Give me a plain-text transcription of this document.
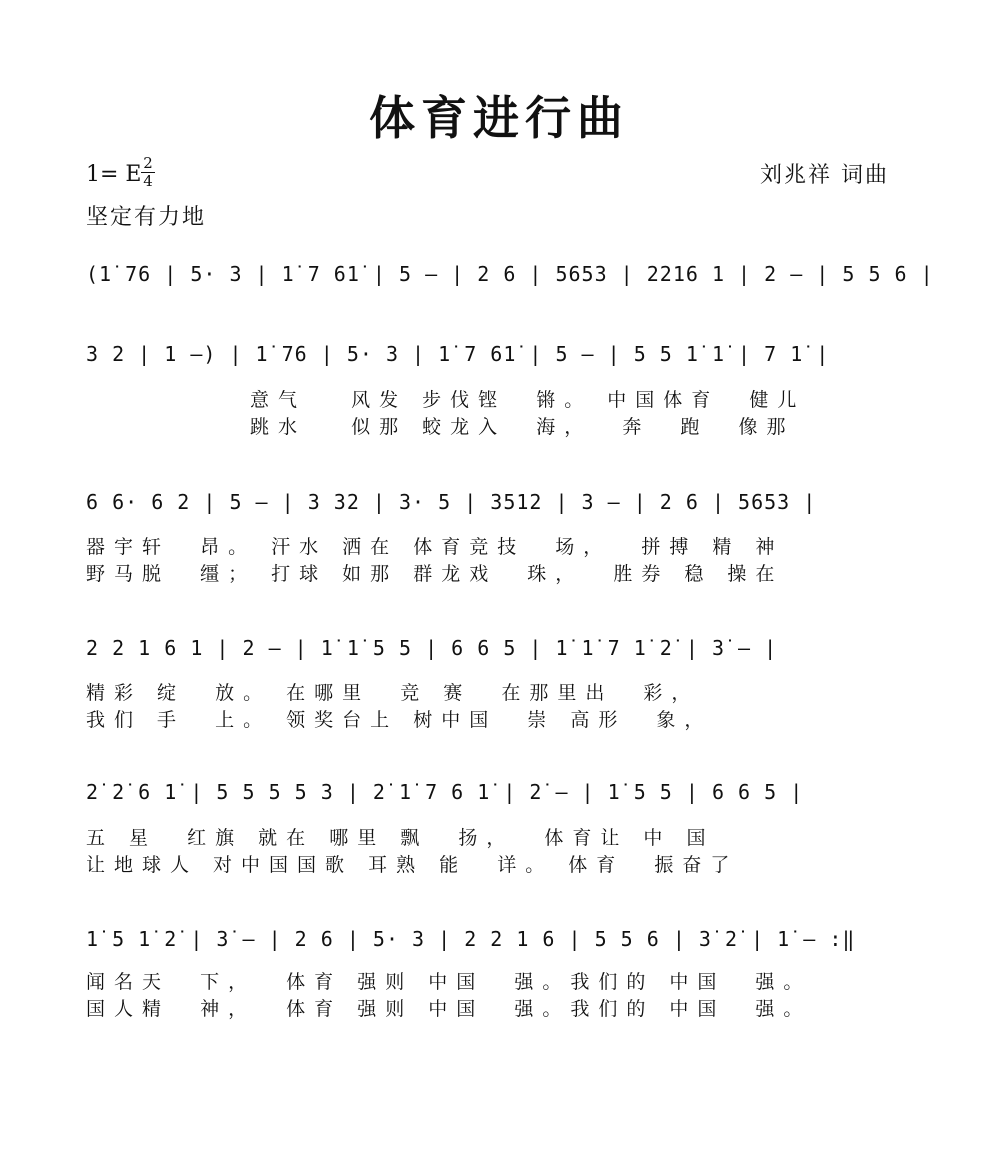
体育进行曲
1= E 2
4
坚定有力地
刘兆祥 词曲
(1̇ 76 | 5· 3 | 1̇ 7 61̇ | 5 – | 2 6 | 5653 | 2216 1 | 2 – | 5 5 6 |
3 2 | 1 –) | 1̇ 76 | 5· 3 | 1̇ 7 61̇ | 5 – | 5 5 1̇ 1̇ | 7 1̇ |
意气   风发 步伐铿  锵。 中国体育  健儿
跳水   似那 蛟龙入  海，  奔  跑  像那
6 6· 6 2 | 5 – | 3 32 | 3· 5 | 3512 | 3 – | 2 6 | 5653 |
器宇轩  昂。 汗水 洒在 体育竞技  场，  拼搏 精 神
野马脱  缰； 打球 如那 群龙戏  珠，  胜券 稳 操在
2 2 1 6 1 | 2 – | 1̇ 1̇ 5 5 | 6 6 5 | 1̇ 1̇ 7 1̇ 2̇ | 3̇ – |
精彩 绽  放。 在哪里  竞 赛  在那里出  彩，
我们 手  上。 领奖台上 树中国  崇 高形  象，
2̇ 2̇ 6 1̇ | 5 5 5 5 3 | 2̇ 1̇ 7 6 1̇ | 2̇ – | 1̇ 5 5 | 6 6 5 |
五 星  红旗 就在 哪里 飘  扬，  体育让 中 国
让地球人 对中国国歌 耳熟 能  详。 体育  振奋了
1̇ 5 1̇ 2̇ | 3̇ – | 2 6 | 5· 3 | 2 2 1 6 | 5 5 6 | 3̇ 2̇ | 1̇ – :‖
闻名天  下，  体育 强则 中国  强。我们的 中国  强。
国人精  神，  体育 强则 中国  强。我们的 中国  强。
